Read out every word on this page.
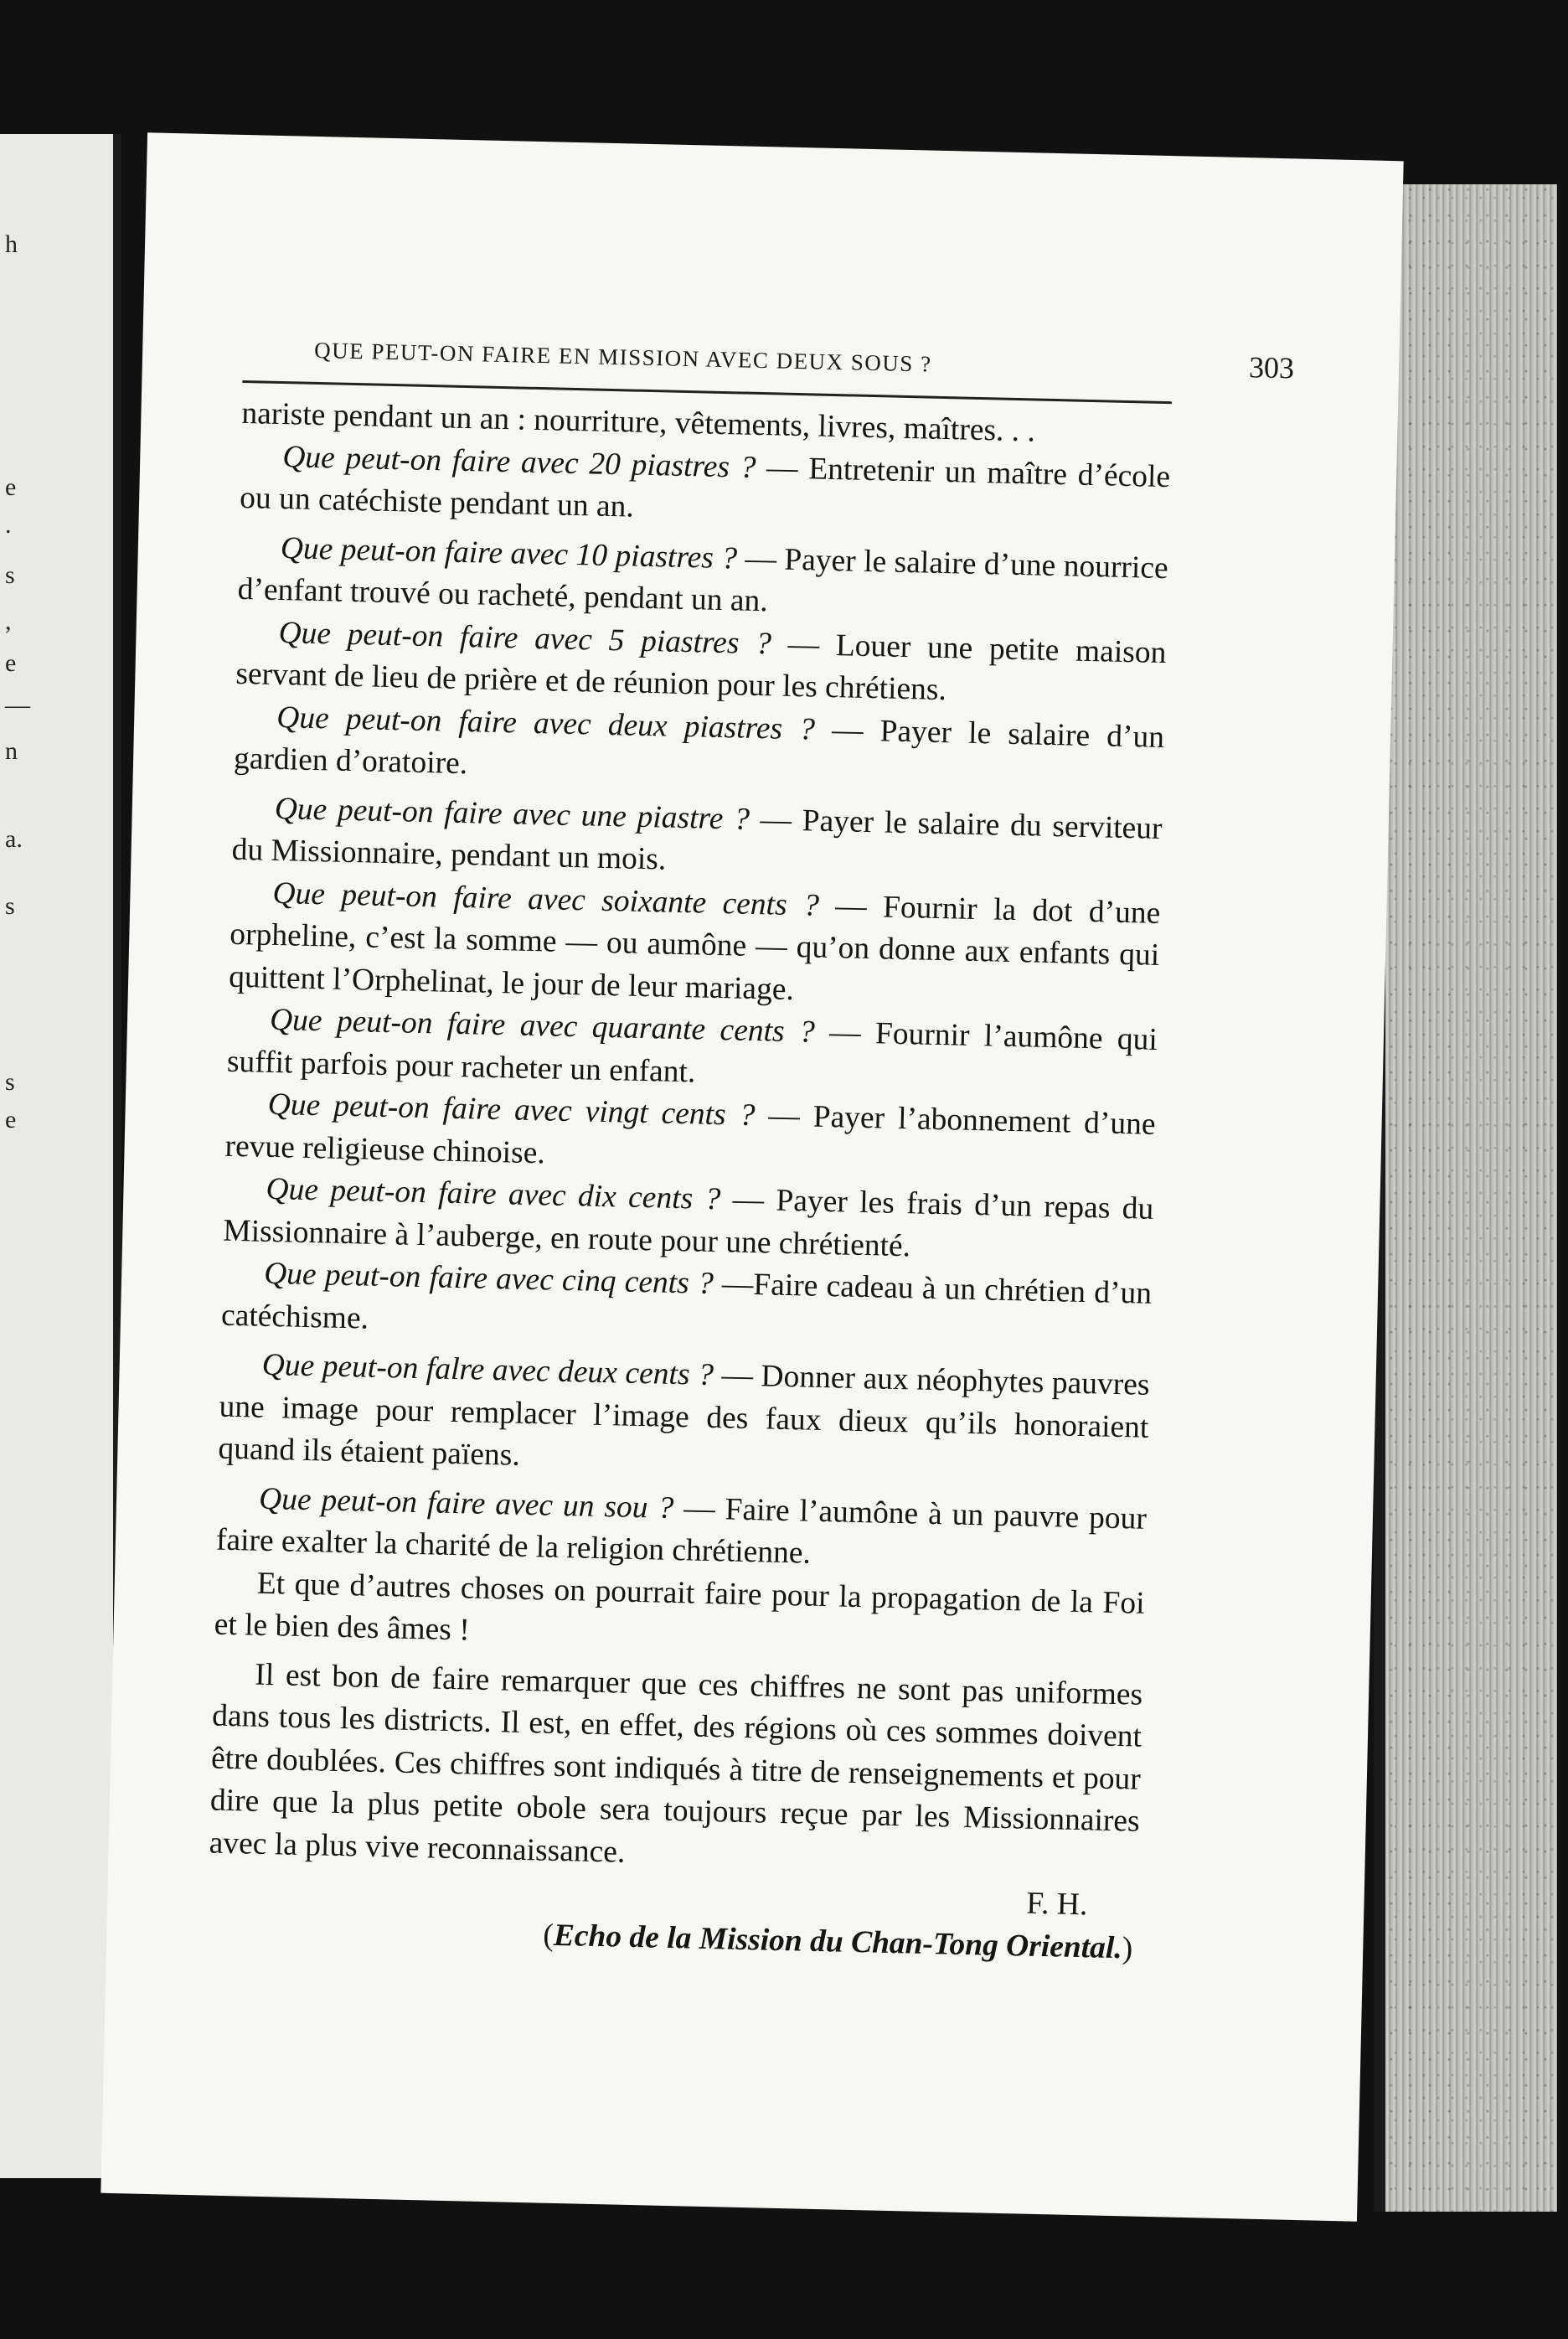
h
e
.
s
,
e
—
n
a.
s
s
e
QUE PEUT-ON FAIRE EN MISSION AVEC DEUX SOUS ?	303

nariste pendant un an : nourriture, vêtements, livres, maîtres. . .

Que peut-on faire avec 20 piastres ? — Entretenir un maître d’école ou un catéchiste pendant un an.

Que peut-on faire avec 10 piastres ? — Payer le salaire d’une nourrice d’enfant trouvé ou racheté, pendant un an.

Que peut-on faire avec 5 piastres ? — Louer une petite maison servant de lieu de prière et de réunion pour les chrétiens.

Que peut-on faire avec deux piastres ? — Payer le salaire d’un gardien d’oratoire.

Que peut-on faire avec une piastre ? — Payer le salaire du serviteur du Missionnaire, pendant un mois.

Que peut-on faire avec soixante cents ? — Fournir la dot d’une orpheline, c’est la somme — ou aumône — qu’on donne aux enfants qui quittent l’Orphelinat, le jour de leur mariage.

Que peut-on faire avec quarante cents ? — Fournir l’aumône qui suffit parfois pour racheter un enfant.

Que peut-on faire avec vingt cents ? — Payer l’abonnement d’une revue religieuse chinoise.

Que peut-on faire avec dix cents ? — Payer les frais d’un repas du Missionnaire à l’auberge, en route pour une chrétienté.

Que peut-on faire avec cinq cents ? —Faire cadeau à un chrétien d’un catéchisme.

Que peut-on falre avec deux cents ? — Donner aux néophytes pauvres une image pour remplacer l’image des faux dieux qu’ils honoraient quand ils étaient païens.

Que peut-on faire avec un sou ? — Faire l’aumône à un pauvre pour faire exalter la charité de la religion chrétienne.

Et que d’autres choses on pourrait faire pour la propagation de la Foi et le bien des âmes !

Il est bon de faire remarquer que ces chiffres ne sont pas uniformes dans tous les districts. Il est, en effet, des régions où ces sommes doivent être doublées. Ces chiffres sont indiqués à titre de renseignements et pour dire que la plus petite obole sera toujours reçue par les Missionnaires avec la plus vive reconnaissance.

F. H.

(Echo de la Mission du Chan-Tong Oriental.)
